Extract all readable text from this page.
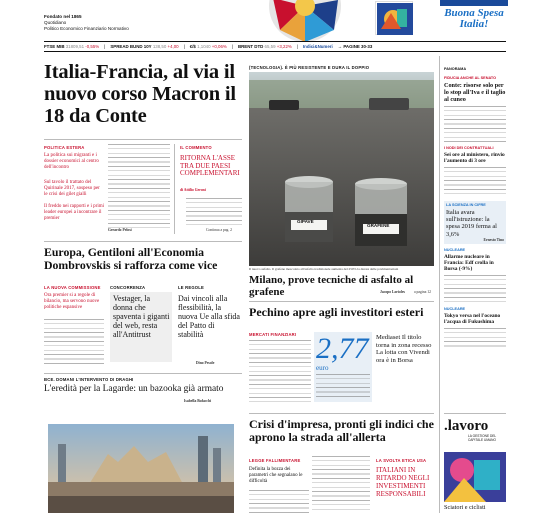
Fondato nel 1865
Quotidiano
Politico Economico Finanziario Normativo
Buona Spesa
Italia!
FTSE MIB 31809,51 -0,55% | SPREAD BUND 10Y 138,50 +4,00 | €/$ 1,1040 +0,06% | BRENT DTD 65,59 +3,22% | Indici&Numeri → PAGINE 30-33
Italia-Francia, al via il nuovo corso Macron il 18 da Conte
POLITICA ESTERA
La politica sui migranti e i dossier economici al centro dell'incontro
Sul tavolo il trattato del Quirinale 2017, sospeso per le crisi dei gilet gialli
Il freddo nei rapporti e i primi leader europei a incontrare il premier
Gerardo Pelosi
IL COMMENTO
RITORNA L'ASSE TRA DUE PAESI COMPLEMENTARI
di Attilio Geroni
Continua a pag. 2
(TECNOLOGIA). È PIÙ RESISTENTE E DURA IL DOPPIO
GIPAVE
GRAFENE
Il nuovo asfalto. Il grafene mescolato all'asfalto tradizionale aumenta del 250% la durata delle pavimentazioni
Milano, prove tecniche di asfalto al grafene	Jacopo Lorioles a pagina 12
Europa, Gentiloni all'Economia Dombrovskis si rafforza come vice
LA NUOVA COMMISSIONE
Ora premier si a regole di bilancio, ma servono nuove politiche espansive
CONCORRENZA
Vestager, la donna che spaventa i giganti del web, resta all'Antitrust
LE REGOLE
Dai vincoli alla flessibilità, la nuova Ue alla sfida del Patto di stabilità
Dino Pesole
BCE. DOMANI L'INTERVENTO DI DRAGHI
L'eredità per la Lagarde: un bazooka già armato
Isabella Bufacchi
Pechino apre agli investitori esteri
MERCATI FINANZIARI 2,77
euro
Mediaset Il titolo torna in zona recesso La lotta con Vivendi ora è in Borsa
Crisi d'impresa, pronti gli indici che aprono la strada all'allerta
LEGGE FALLIMENTARE
Definita la bozza dei parametri che segnalano le difficoltà
LA SVOLTA ETICA USA
ITALIANI IN RITARDO NEGLI INVESTIMENTI RESPONSABILI
PANORAMA
FIDUCIA ANCHE AL SENATO
Conte: risorse solo per lo stop all'Iva e il taglio al cuneo
I NODI DEI CONTRATTUALI
Sei ore al ministero, rinvio l'aumento di 3 ore
LA SCIENZA IN CIFRE
Italia avara sull'istruzione: la spesa 2019 ferma al 3,6%
Ernesto Tino
NUCLEARE
Allarme nucleare in Francia: Edf crolla in Borsa (-9%)
NUCLEARE
Tokyo versa nel l'oceano l'acqua di Fukushima
.lavoro
LA GESTIONE DEL CAPITALE UMANO
Sciatori e ciclisti
